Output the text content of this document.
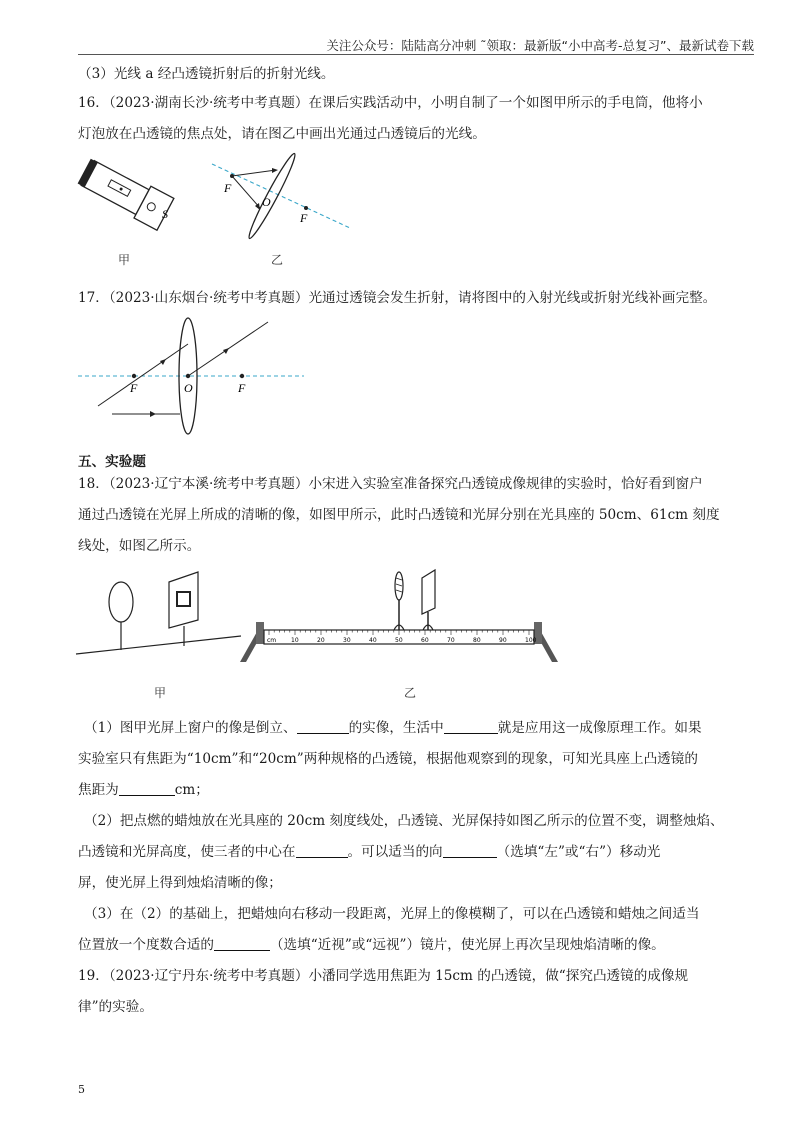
关注公众号：陆陆高分冲刺 ˜领取：最新版“小中高考-总复习”、最新试卷下载
（3）光线 a 经凸透镜折射后的折射光线。
16．（2023·湖南长沙·统考中考真题）在课后实践活动中，小明自制了一个如图甲所示的手电筒，他将小
灯泡放在凸透镜的焦点处，请在图乙中画出光通过凸透镜后的光线。
S
甲
F
O
F
乙
17．（2023·山东烟台·统考中考真题）光通过透镜会发生折射，请将图中的入射光线或折射光线补画完整。
F	O	F
五、实验题
18．（2023·辽宁本溪·统考中考真题）小宋进入实验室准备探究凸透镜成像规律的实验时，恰好看到窗户
通过凸透镜在光屏上所成的清晰的像，如图甲所示，此时凸透镜和光屏分别在光具座的 50cm、61cm 刻度
线处，如图乙所示。
甲
cm 10	20	30	40	50	60	70	80	90	100
乙
（1）图甲光屏上窗户的像是倒立、	的实像，生活中	就是应用这一成像原理工作。如果
实验室只有焦距为“10cm”和“20cm”两种规格的凸透镜，根据他观察到的现象，可知光具座上凸透镜的
焦距为	cm；
（2）把点燃的蜡烛放在光具座的 20cm 刻度线处，凸透镜、光屏保持如图乙所示的位置不变，调整烛焰、
凸透镜和光屏高度，使三者的中心在	。可以适当的向	（选填“左”或“右”）移动光
屏，使光屏上得到烛焰清晰的像；
（3）在（2）的基础上，把蜡烛向右移动一段距离，光屏上的像模糊了，可以在凸透镜和蜡烛之间适当
位置放一个度数合适的	（选填“近视”或“远视”）镜片，使光屏上再次呈现烛焰清晰的像。
19．（2023·辽宁丹东·统考中考真题）小潘同学选用焦距为 15cm 的凸透镜，做“探究凸透镜的成像规
律”的实验。
5
